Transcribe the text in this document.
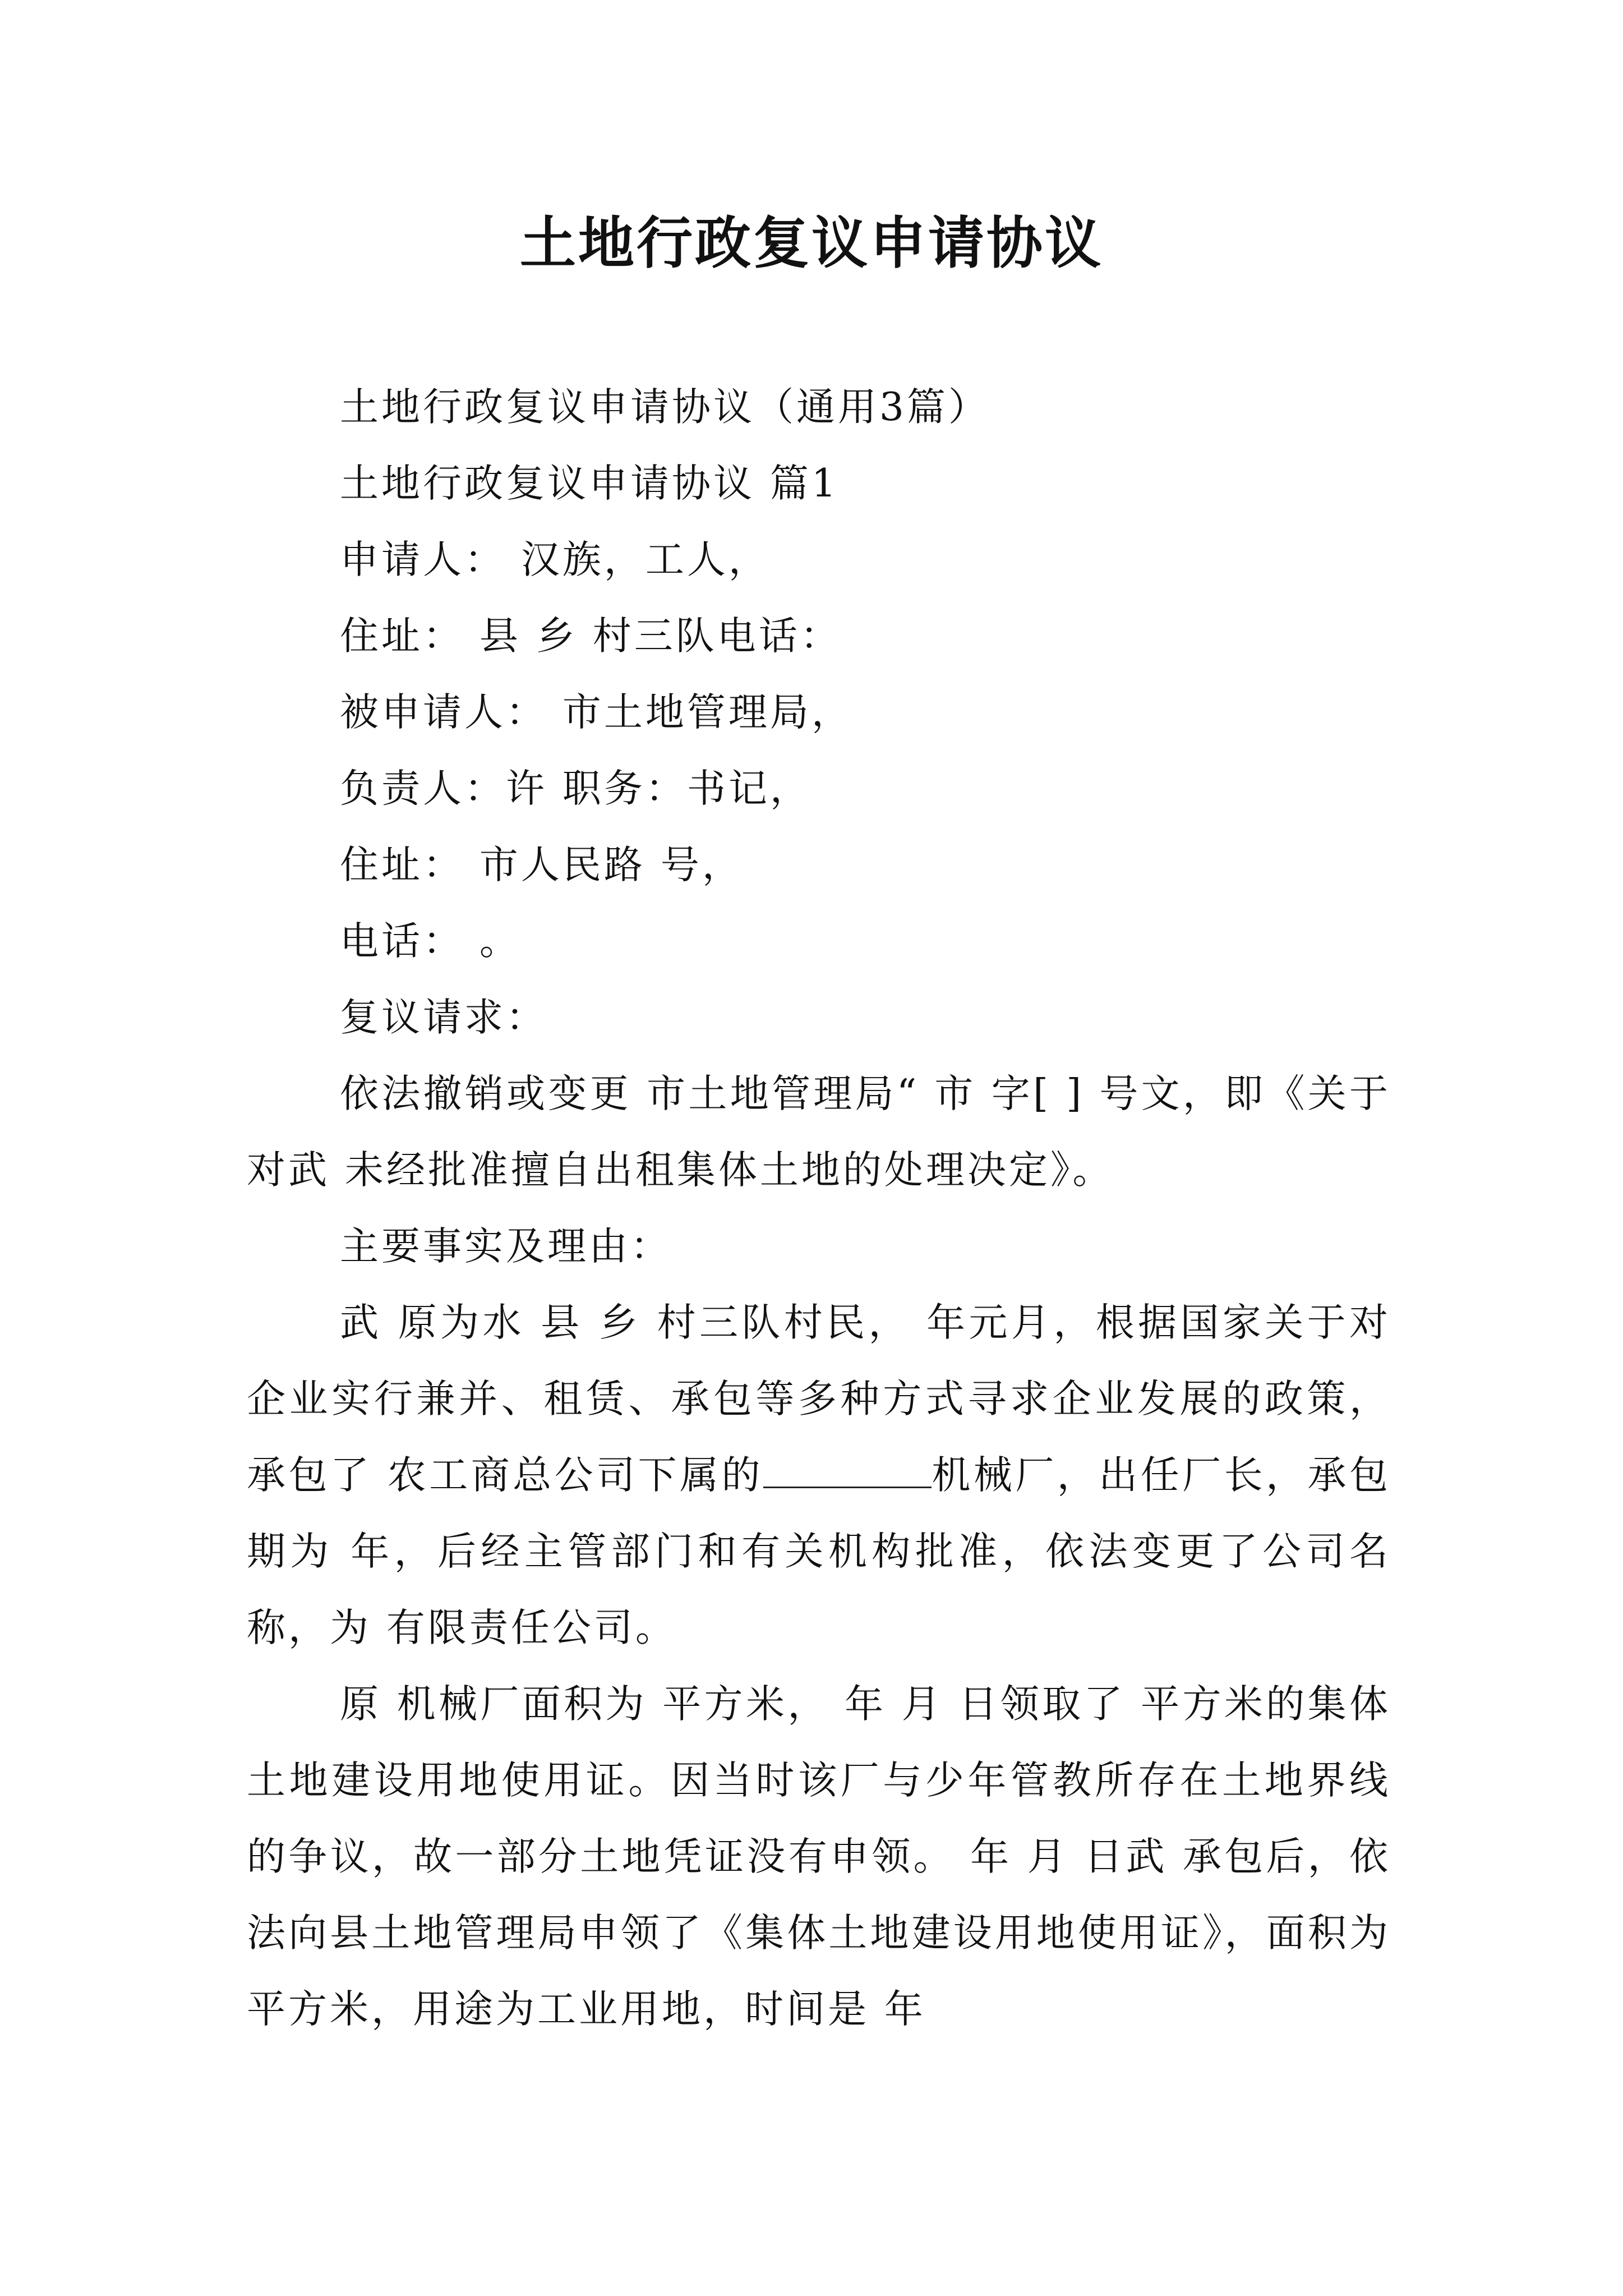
土地行政复议申请协议

土地行政复议申请协议（通用3篇）

土地行政复议申请协议 篇1

申请人： 汉族，工人，

住址： 县 乡 村三队电话：

被申请人： 市土地管理局，

负责人：许 职务：书记，

住址： 市人民路 号，

电话： 。

复议请求：

依法撤销或变更 市土地管理局“ 市 字[ ] 号文，即《关于对武 未经批准擅自出租集体土地的处理决定》。

主要事实及理由：

武 原为水 县 乡 村三队村民， 年元月，根据国家关于对企业实行兼并、租赁、承包等多种方式寻求企业发展的政策，承包了 农工商总公司下属的	机械厂，出任厂长，承包期为 年，后经主管部门和有关机构批准，依法变更了公司名称，为 有限责任公司。

原 机械厂面积为 平方米， 年 月 日领取了 平方米的集体土地建设用地使用证。因当时该厂与少年管教所存在土地界线的争议，故一部分土地凭证没有申领。 年 月 日武 承包后，依法向县土地管理局申领了《集体土地建设用地使用证》，面积为 平方米，用途为工业用地，时间是 年
